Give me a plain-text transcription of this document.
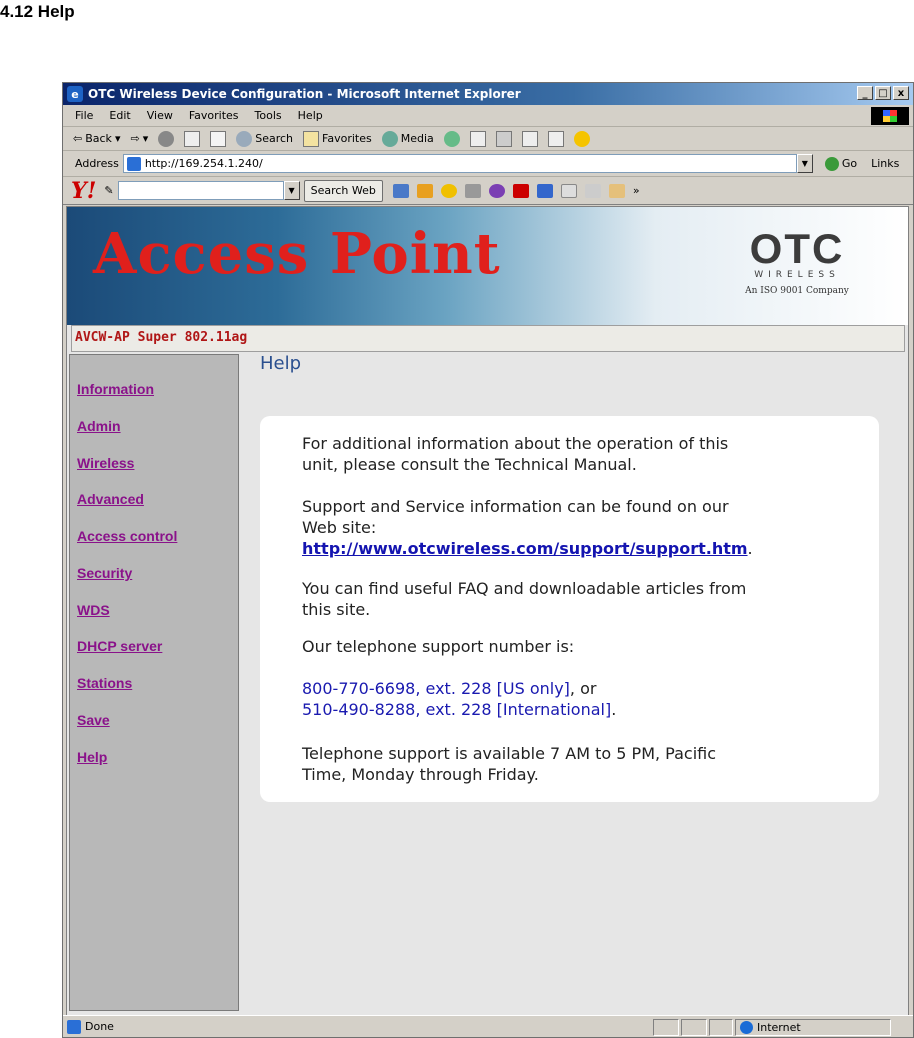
4.12 Help
e OTC Wireless Device Configuration - Microsoft Internet Explorer	_	□	x
File Edit View Favorites Tools Help
⇦ Back ▾ ⇨ ▾	Search	Favorites	Media
Address http://169.254.1.240/	▼	Go Links
Y! ✎	▼	Search Web	»
Access Point	OTC
WIRELESS
An ISO 9001 Company
AVCW-AP Super 802.11ag
Information
Admin
Wireless
Advanced
Access control
Security
WDS
DHCP server
Stations
Save
Help
Help
For additional information about the operation of this
unit, please consult the Technical Manual.
Support and Service information can be found on our
Web site:
http://www.otcwireless.com/support/support.htm.
You can find useful FAQ and downloadable articles from
this site.
Our telephone support number is:
800-770-6698, ext. 228 [US only], or
510-490-8288, ext. 228 [International].
Telephone support is available 7 AM to 5 PM, Pacific
Time, Monday through Friday.
Done	Internet
